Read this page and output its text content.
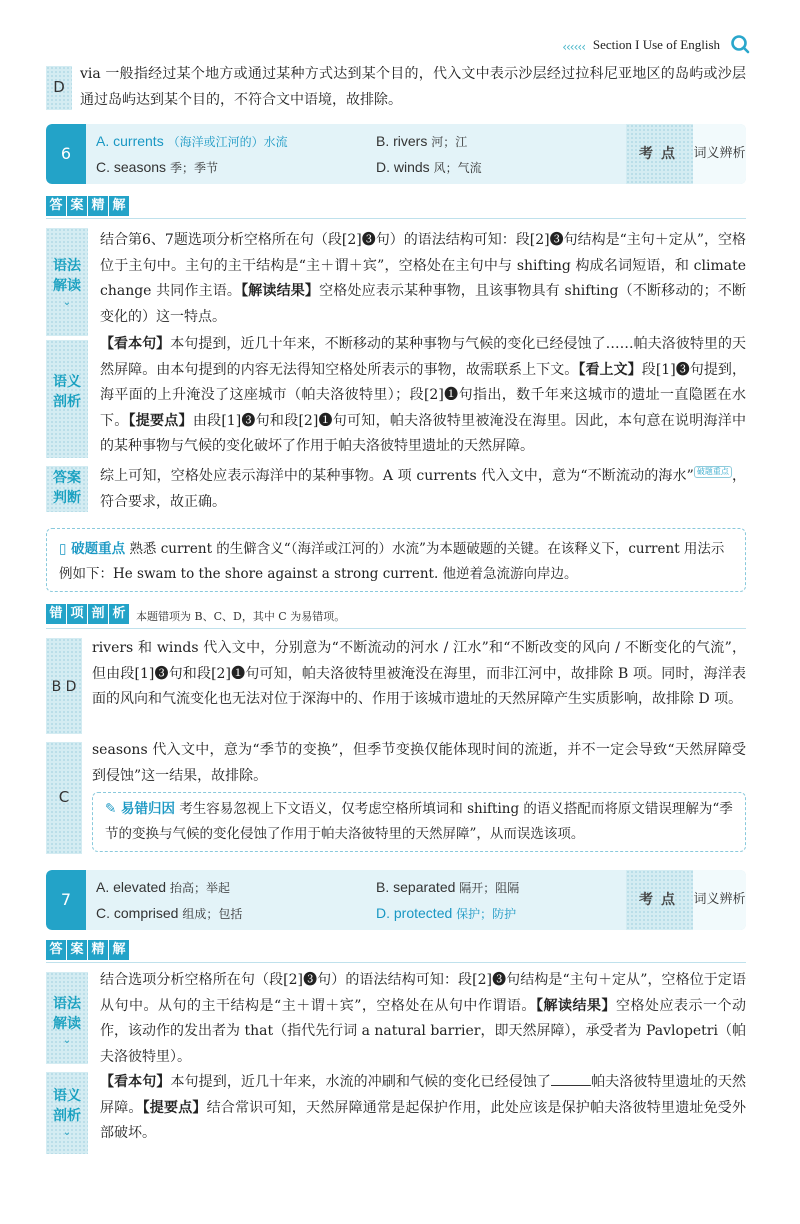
‹‹‹‹‹‹ Section I Use of English
D
via 一般指经过某个地方或通过某种方式达到某个目的，代入文中表示沙层经过拉科尼亚地区的岛屿或沙层通过岛屿达到某个目的，不符合文中语境，故排除。
6
A. currents （海洋或江河的）水流	B. rivers 河；江
C. seasons 季；季节	D. winds 风；气流
考点 词义辨析
答 案 精 解
语法
解读
⌄
结合第6、7题选项分析空格所在句（段[2]❸句）的语法结构可知：段[2]❸句结构是“主句＋定从”，空格位于主句中。主句的主干结构是“主＋谓＋宾”，空格处在主句中与 shifting 构成名词短语，和 climate change 共同作主语。【解读结果】空格处应表示某种事物，且该事物具有 shifting（不断移动的；不断变化的）这一特点。
语义
剖析
【看本句】本句提到，近几十年来，不断移动的某种事物与气候的变化已经侵蚀了……帕夫洛彼特里的天然屏障。由本句提到的内容无法得知空格处所表示的事物，故需联系上下文。【看上文】段[1]❸句提到，海平面的上升淹没了这座城市（帕夫洛彼特里）；段[2]❶句指出，数千年来这城市的遗址一直隐匿在水下。【提要点】由段[1]❸句和段[2]❶句可知，帕夫洛彼特里被淹没在海里。因此，本句意在说明海洋中的某种事物与气候的变化破坏了作用于帕夫洛彼特里遗址的天然屏障。
答案
判断
综上可知，空格处应表示海洋中的某种事物。A 项 currents 代入文中，意为“不断流动的海水” 破题重点 ，符合要求，故正确。
▯ 破题重点 熟悉 current 的生僻含义“（海洋或江河的）水流”为本题破题的关键。在该释义下，current 用法示例如下：He swam to the shore against a strong current. 他逆着急流游向岸边。
错 项 剖 析 本题错项为 B、C、D，其中 C 为易错项。
B D
rivers 和 winds 代入文中，分别意为“不断流动的河水 / 江水”和“不断改变的风向 / 不断变化的气流”，但由段[1]❸句和段[2]❶句可知，帕夫洛彼特里被淹没在海里，而非江河中，故排除 B 项。同时，海洋表面的风向和气流变化也无法对位于深海中的、作用于该城市遗址的天然屏障产生实质影响，故排除 D 项。
C
seasons 代入文中，意为“季节的变换”，但季节变换仅能体现时间的流逝，并不一定会导致“天然屏障受到侵蚀”这一结果，故排除。
✎ 易错归因 考生容易忽视上下文语义，仅考虑空格所填词和 shifting 的语义搭配而将原文错误理解为“季节的变换与气候的变化侵蚀了作用于帕夫洛彼特里的天然屏障”，从而误选该项。
7
A. elevated 抬高；举起	B. separated 隔开；阻隔
C. comprised 组成；包括	D. protected 保护；防护
考点 词义辨析
答 案 精 解
语法
解读
⌄
结合选项分析空格所在句（段[2]❸句）的语法结构可知：段[2]❸句结构是“主句＋定从”，空格位于定语从句中。从句的主干结构是“主＋谓＋宾”，空格处在从句中作谓语。【解读结果】空格处应表示一个动作，该动作的发出者为 that（指代先行词 a natural barrier，即天然屏障），承受者为 Pavlopetri（帕夫洛彼特里）。
语义
剖析
⌄
【看本句】本句提到，近几十年来，水流的冲刷和气候的变化已经侵蚀了	帕夫洛彼特里遗址的天然屏障。【提要点】结合常识可知，天然屏障通常是起保护作用，此处应该是保护帕夫洛彼特里遗址免受外部破坏。
